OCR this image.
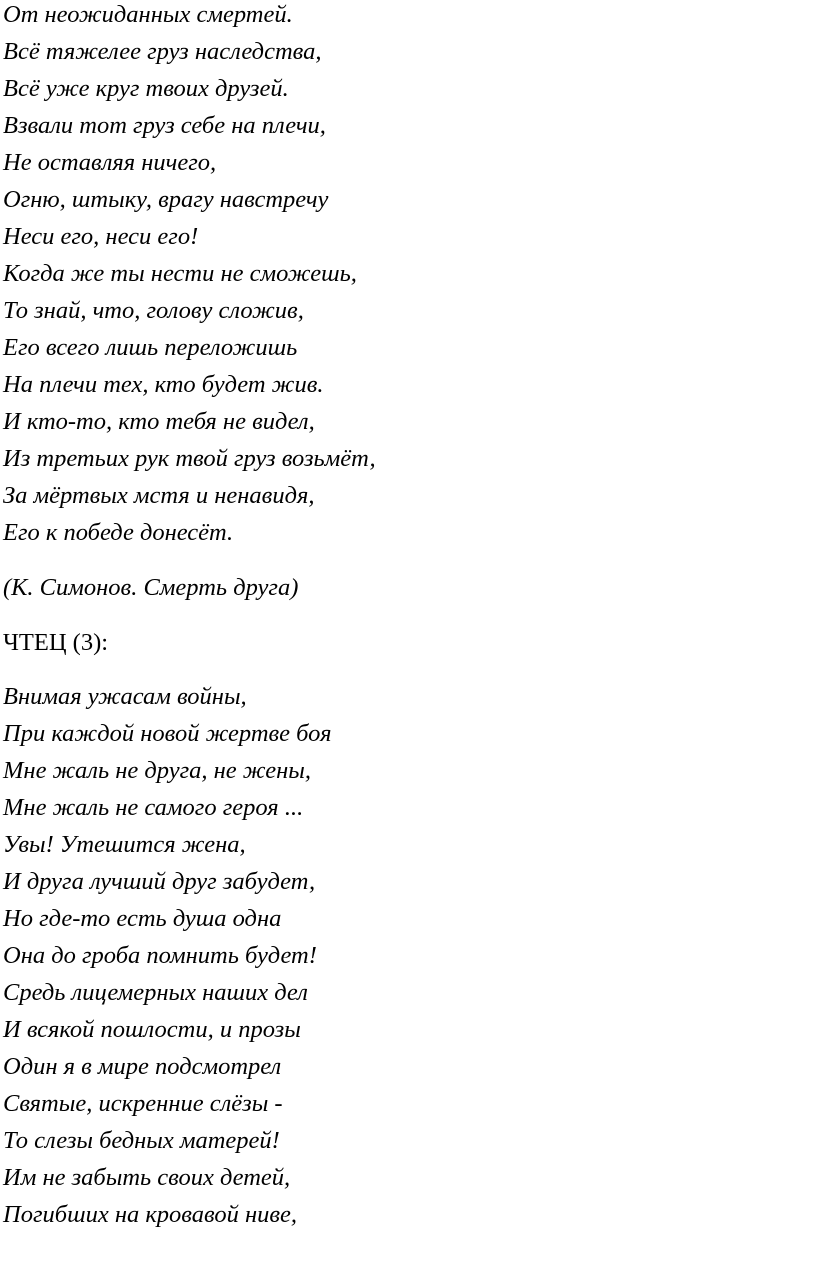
От неожиданных смертей.
Всё тяжелее груз наследства,
Всё уже круг твоих друзей.
Взвали тот груз себе на плечи,
Не оставляя ничего,
Огню, штыку, врагу навстречу
Неси его, неси его!
Когда же ты нести не сможешь,
То знай, что, голову сложив,
Его всего лишь переложишь
На плечи тех, кто будет жив.
И кто-то, кто тебя не видел,
Из третьих рук твой груз возьмёт,
За мёртвых мстя и ненавидя,
Его к победе донесёт.
(К. Симонов. Смерть друга)
ЧТЕЦ (3):
Внимая ужасам войны,
При каждой новой жертве боя
Мне жаль не друга, не жены,
Мне жаль не самого героя ...
Увы! Утешится жена,
И друга лучший друг забудет,
Но где-то есть душа одна
Она до гроба помнить будет!
Средь лицемерных наших дел
И всякой пошлости, и прозы
Один я в мире подсмотрел
Святые, искренние слёзы -
То слезы бедных матерей!
Им не забыть своих детей,
Погибших на кровавой ниве,
